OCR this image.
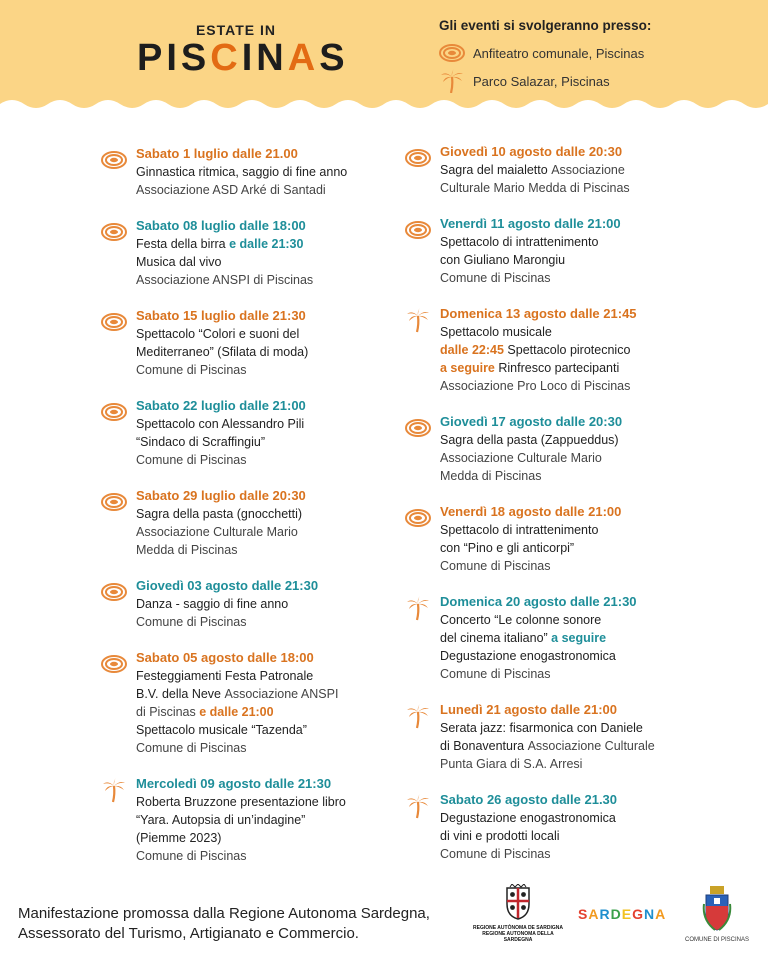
ESTATE IN
PISCINAS
Gli eventi si svolgeranno presso:
Anfiteatro comunale, Piscinas
Parco Salazar, Piscinas
Sabato 1 luglio dalle 21.00
Ginnastica ritmica, saggio di fine anno
Associazione ASD Arké di Santadi
Sabato 08 luglio dalle 18:00
Festa della birra e dalle 21:30
Musica dal vivo
Associazione ANSPI di Piscinas
Sabato 15 luglio dalle 21:30
Spettacolo “Colori e suoni del
Mediterraneo” (Sfilata di moda)
Comune di Piscinas
Sabato 22 luglio dalle 21:00
Spettacolo con Alessandro Pili
“Sindaco di Scraffingiu”
Comune di Piscinas
Sabato 29 luglio dalle 20:30
Sagra della pasta (gnocchetti)
Associazione Culturale Mario
Medda di Piscinas
Giovedì 03 agosto dalle 21:30
Danza - saggio di fine anno
Comune di Piscinas
Sabato 05 agosto dalle 18:00
Festeggiamenti Festa Patronale
B.V. della Neve Associazione ANSPI
di Piscinas e dalle 21:00
Spettacolo musicale “Tazenda”
Comune di Piscinas
Mercoledì 09 agosto dalle 21:30
Roberta Bruzzone presentazione libro
“Yara. Autopsia di un’indagine”
(Piemme 2023)
Comune di Piscinas
Giovedì 10 agosto dalle 20:30
Sagra del maialetto Associazione
Culturale Mario Medda di Piscinas
Venerdì 11 agosto dalle 21:00
Spettacolo di intrattenimento
con Giuliano Marongiu
Comune di Piscinas
Domenica 13 agosto dalle 21:45
Spettacolo musicale
dalle 22:45 Spettacolo pirotecnico
a seguire Rinfresco partecipanti
Associazione Pro Loco di Piscinas
Giovedì 17 agosto dalle 20:30
Sagra della pasta (Zappueddus)
Associazione Culturale Mario
Medda di Piscinas
Venerdì 18 agosto dalle 21:00
Spettacolo di intrattenimento
con “Pino e gli anticorpi”
Comune di Piscinas
Domenica 20 agosto dalle 21:30
Concerto “Le colonne sonore
del cinema italiano” a seguire
Degustazione enogastronomica
Comune di Piscinas
Lunedì 21 agosto dalle 21:00
Serata jazz: fisarmonica con Daniele
di Bonaventura Associazione Culturale
Punta Giara di S.A. Arresi
Sabato 26 agosto dalle 21.30
Degustazione enogastronomica
di vini e prodotti locali
Comune di Piscinas
Manifestazione promossa dalla Regione Autonoma Sardegna,
Assessorato del Turismo, Artigianato e Commercio.	REGIONE AUTÒNOMA DE SARDIGNA
REGIONE AUTONOMA DELLA SARDEGNA
SARDEGNA
COMUNE DI PISCINAS
